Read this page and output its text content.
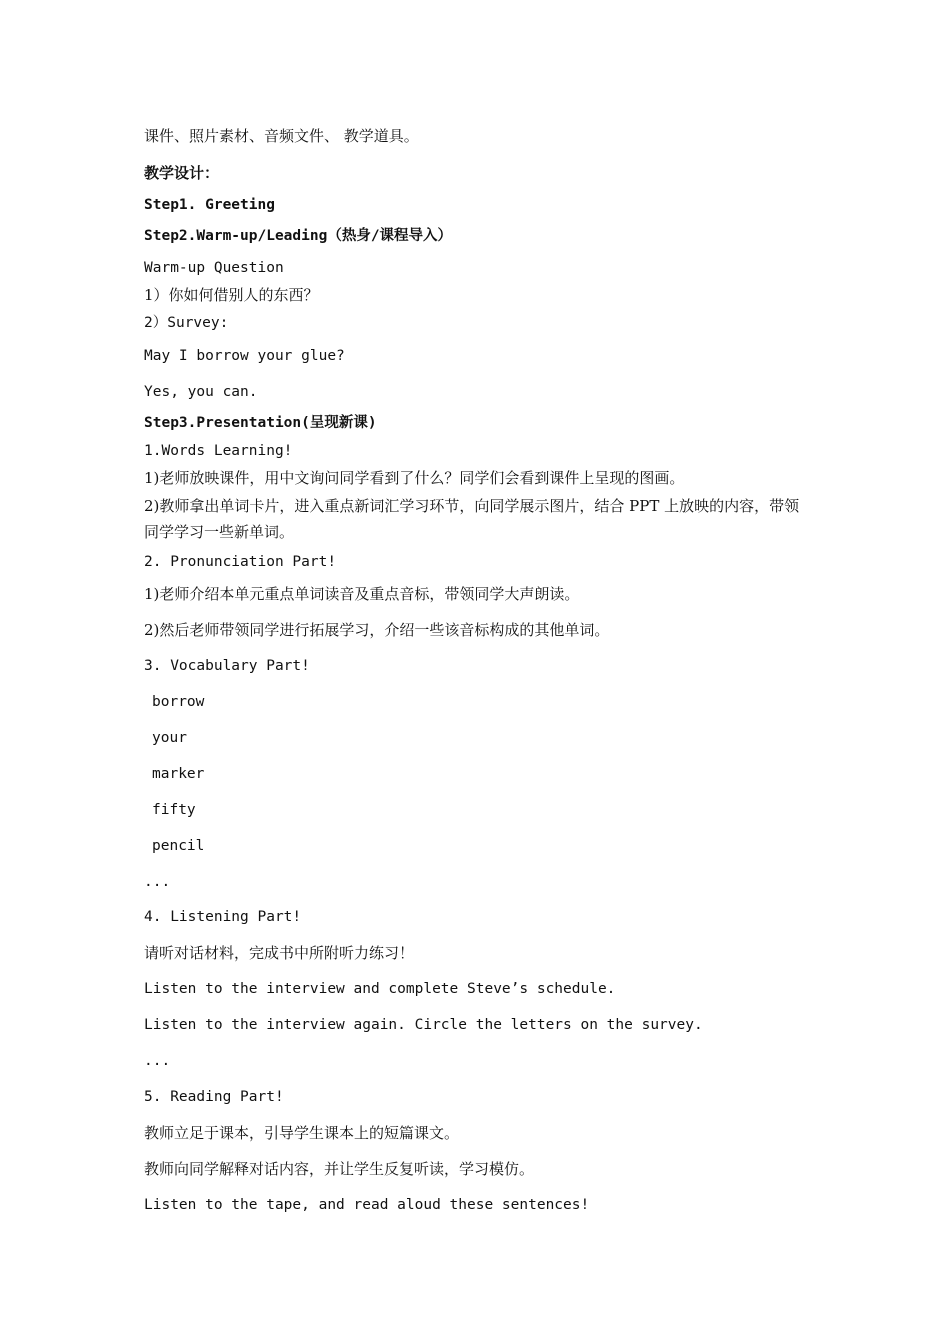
课件、照片素材、音频文件、 教学道具。
教学设计：
Step1. Greeting
Step2.Warm-up/Leading（热身/课程导入）
Warm-up Question
1）你如何借别人的东西？
2）Survey:
May I borrow your glue?
Yes, you can.
Step3.Presentation(呈现新课)
1.Words Learning!
1)老师放映课件，用中文询问同学看到了什么？同学们会看到课件上呈现的图画。
2)教师拿出单词卡片，进入重点新词汇学习环节，向同学展示图片，结合 PPT 上放映的内容，带领同学学习一些新单词。
2. Pronunciation Part!
1)老师介绍本单元重点单词读音及重点音标，带领同学大声朗读。
2)然后老师带领同学进行拓展学习，介绍一些该音标构成的其他单词。
3. Vocabulary Part!
borrow
your
marker
fifty
pencil
...
4. Listening Part!
请听对话材料，完成书中所附听力练习！
Listen to the interview and complete Steve’s schedule.
Listen to the interview again. Circle the letters on the survey.
...
5. Reading Part!
教师立足于课本，引导学生课本上的短篇课文。
教师向同学解释对话内容，并让学生反复听读，学习模仿。
Listen to the tape, and read aloud these sentences!
